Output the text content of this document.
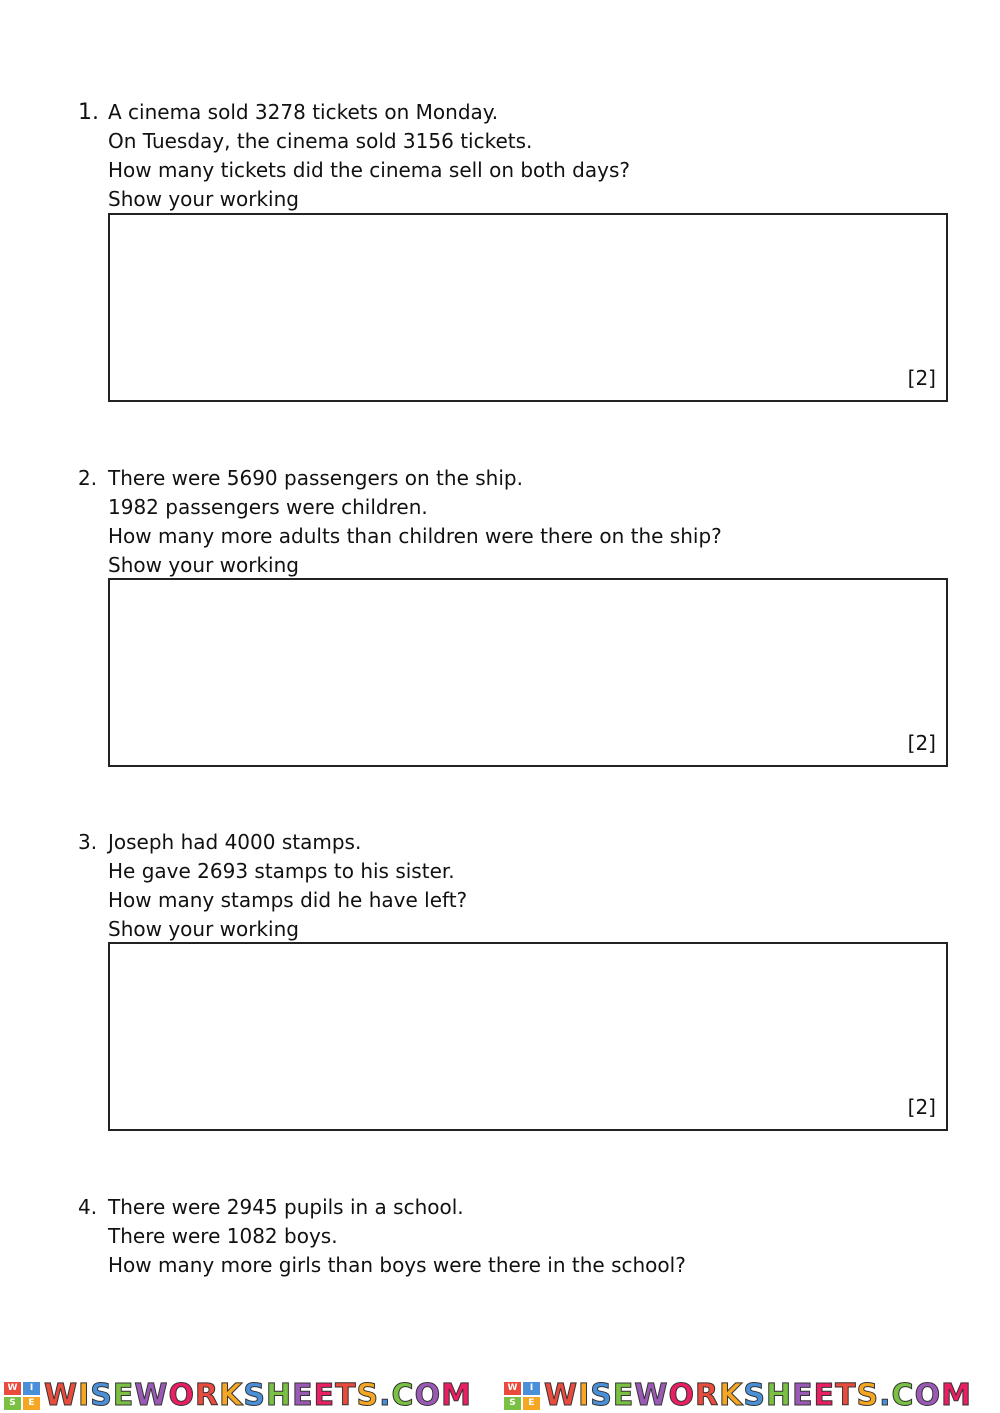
1. A cinema sold 3278 tickets on Monday.
On Tuesday, the cinema sold 3156 tickets.
How many tickets did the cinema sell on both days?
Show your working
[2]
2. There were 5690 passengers on the ship.
1982 passengers were children.
How many more adults than children were there on the ship?
Show your working
[2]
3. Joseph had 4000 stamps.
He gave 2693 stamps to his sister.
How many stamps did he have left?
Show your working
[2]
4. There were 2945 pupils in a school.
There were 1082 boys.
How many more girls than boys were there in the school?
W	I
S	E WISEWORKSHEETS.COM	W	I
S	E WISEWORKSHEETS.COM
